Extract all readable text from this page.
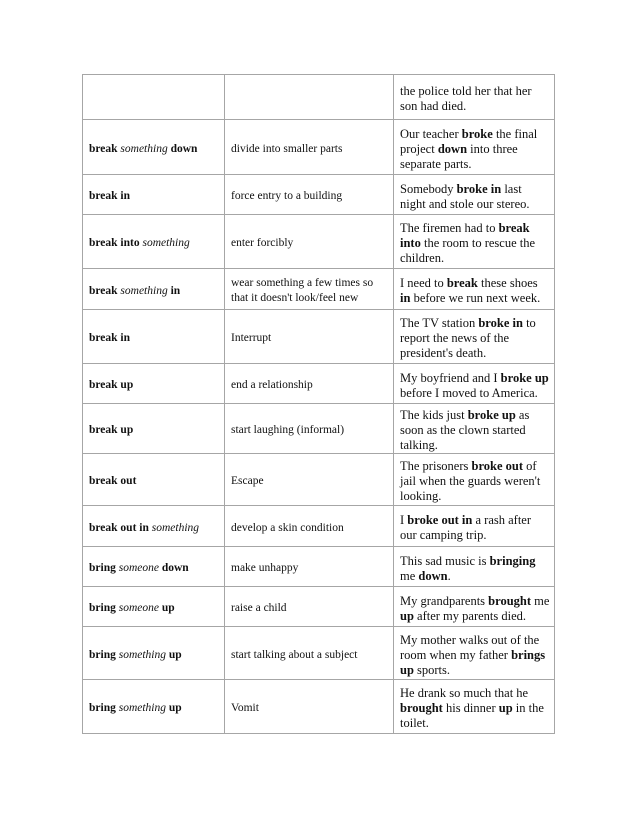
		the police told her that her son had died.

break something down	divide into smaller parts	Our teacher broke the final project down into three separate parts.

break in	force entry to a building	Somebody broke in last night and stole our stereo.

break into something	enter forcibly	The firemen had to break into the room to rescue the children.

break something in	wear something a few times so that it doesn't look/feel new	I need to break these shoes in before we run next week.

break in	Interrupt	The TV station broke in to report the news of the president's death.

break up	end a relationship	My boyfriend and I broke up before I moved to America.

break up	start laughing (informal)	The kids just broke up as soon as the clown started talking.

break out	Escape	The prisoners broke out of jail when the guards weren't looking.

break out in something	develop a skin condition	I broke out in a rash after our camping trip.

bring someone down	make unhappy	This sad music is bringing me down.

bring someone up	raise a child	My grandparents brought me up after my parents died.

bring something up	start talking about a subject	My mother walks out of the room when my father brings up sports.

bring something up	Vomit	He drank so much that he brought his dinner up in the toilet.
